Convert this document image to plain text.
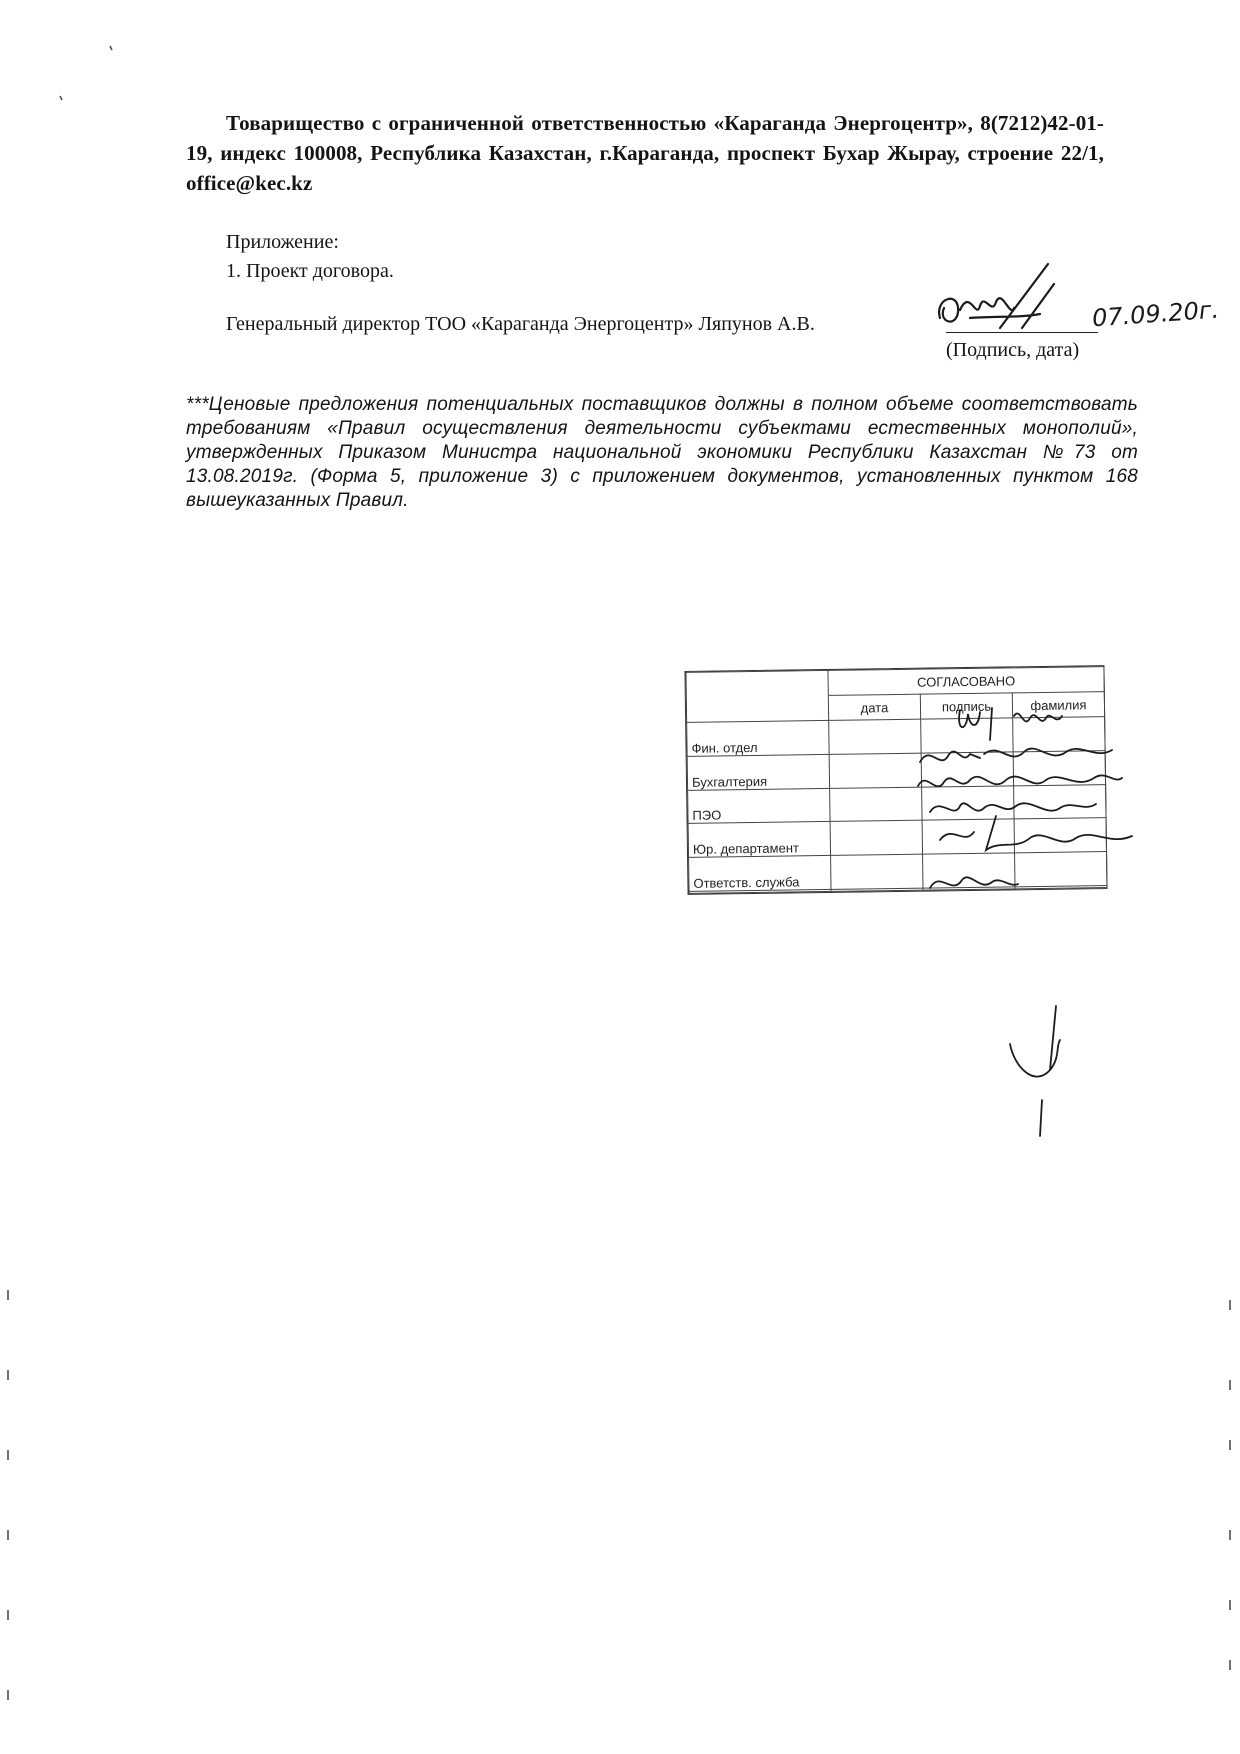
Товарищество с ограниченной ответственностью «Караганда Энергоцентр», 8(7212)42-01-19, индекс 100008, Республика Казахстан, г.Караганда, проспект Бухар Жырау, строение 22/1, office@kec.kz
Приложение:
1. Проект договора.
Генеральный директор ТОО «Караганда Энергоцентр» Ляпунов А.В.	07.09.20г.
(Подпись, дата)
***Ценовые предложения потенциальных поставщиков должны в полном объеме соответствовать требованиям «Правил осуществления деятельности субъектами естественных монополий», утвержденных Приказом Министра национальной экономики Республики Казахстан №73 от 13.08.2019г. (Форма 5, приложение 3) с приложением документов, установленных пунктом 168 вышеуказанных Правил.
	СОГЛАСОВАНО		
	дата	подпись	фамилия
Фин. отдел			
Бухгалтерия			
ПЭО			
Юр. департамент			
Ответств. служба			
